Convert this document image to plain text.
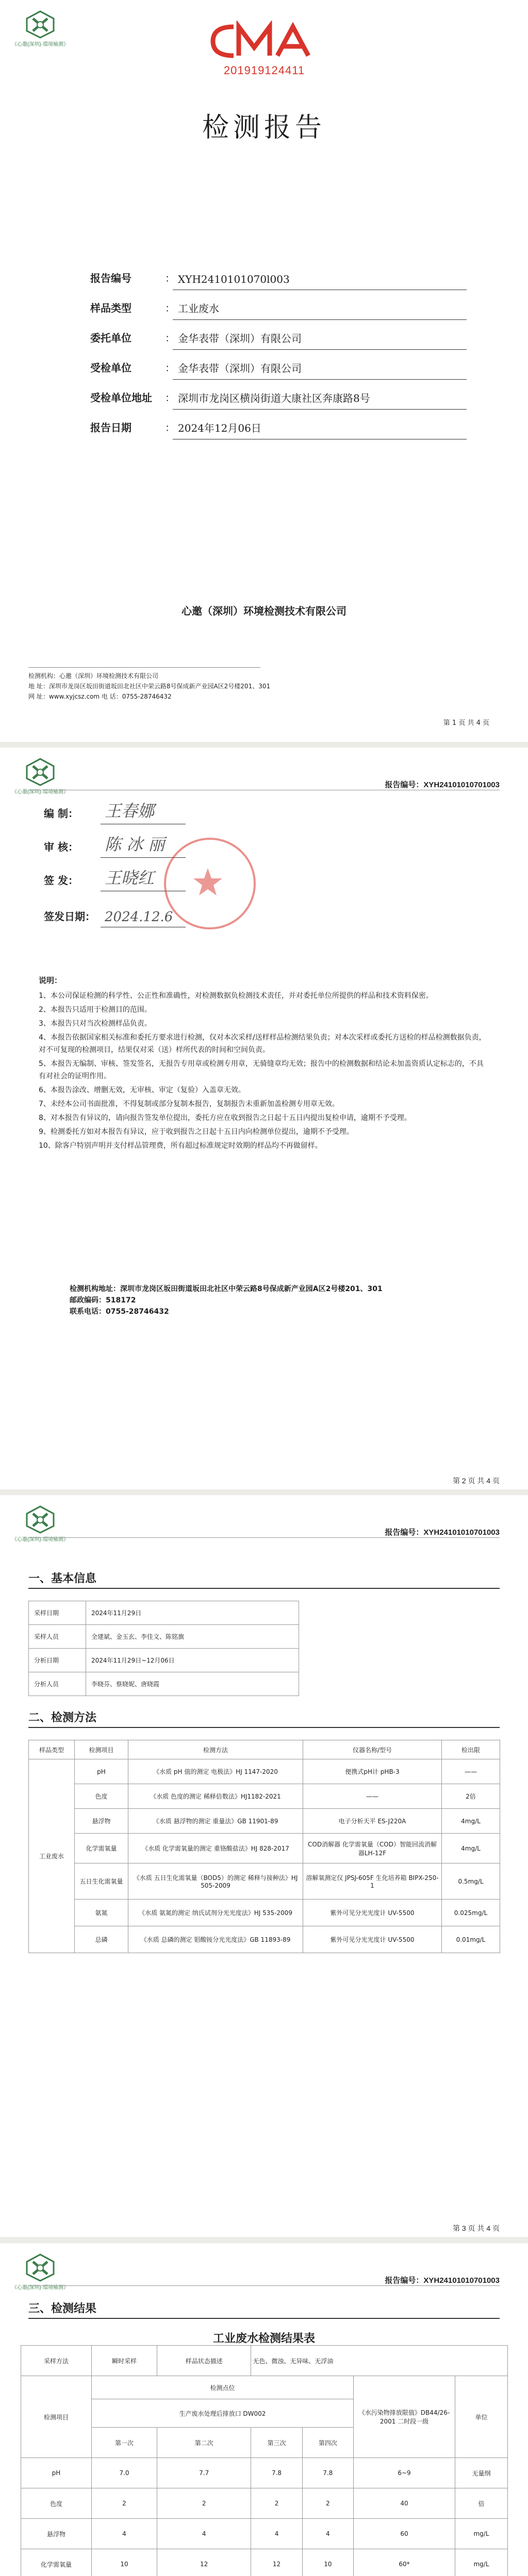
《心邀(深圳)·環境檢測》
201919124411
检测报告
报告编号	： XYH2410101070l003
样品类型	： 工业废水
委托单位	： 金华表带（深圳）有限公司
受检单位	： 金华表带（深圳）有限公司
受检单位地址	： 深圳市龙岗区横岗街道大康社区奔康路8号
报告日期	： 2024年12月06日
心邀（深圳）环境检测技术有限公司
检测机构：心邀（深圳）环境检测技术有限公司
地 址：深圳市龙岗区坂田街道坂田北社区中荣云路8号保成新产业园A区2号楼201、301
网 址：www.xyjcsz.com 电 话：0755-28746432
第 1 页 共 4 页
《心邀(深圳)·環境檢測》
报告编号：XYH24101010701003
编 制：	王春娜
审 核：	陈 冰 丽
签 发：	王晓红
签发日期： 2024.12.6
说明：

1、本公司保证检测的科学性、公正性和准确性，对检测数据负检测技术责任，并对委托单位所提供的样品和技术资料保密。

2、本报告只适用于检测目的范围。

3、本报告只对当次检测样品负责。

4、本报告依据国家相关标准和委托方要求进行检测，仅对本次采样/送样样品检测结果负责；对本次采样或委托方送检的样品检测数据负责，对不可复现的检测项目，结果仅对采（送）样所代表的时间和空间负责。

5、本报告无编制、审核、签发签名，无报告专用章或检测专用章，无骑缝章均无效；报告中的检测数据和结论未加盖资质认定标志的，不具有对社会的证明作用。

6、本报告涂改、增删无效，无审核、审定（复验）入盖章无效。

7、未经本公司书面批准，不得复制或部分复制本报告，复制报告未重新加盖检测专用章无效。

8、对本报告有异议的，请向报告签发单位提出，委托方应在收到报告之日起十五日内提出复检申请，逾期不予受理。

9、检测委托方如对本报告有异议，应于收到报告之日起十五日内向检测单位提出，逾期不予受理。

10、除客户特别声明并支付样品管理费，所有超过标准规定时效期的样品均不再做留样。

检测机构地址：深圳市龙岗区坂田街道坂田北社区中荣云路8号保成新产业园A区2号楼201、301
邮政编码：518172
联系电话：0755-28746432
第 2 页 共 4 页
《心邀(深圳)·環境檢測》
报告编号：XYH24101010701003
一、基本信息
采样日期	2024年11月29日
采样人员	全建斌、金玉玄、李佳文、陈铭旗
分析日期	2024年11月29日~12月06日
分析人员	李晓芬、蔡晓妮、唐晓霞
二、检测方法
样品类型	检测项目	检测方法	仪器名称/型号	检出限
工业废水	pH	《水质 pH 值的测定 电极法》HJ 1147-2020	便携式pH计 pHB-3	——
	色度	《水质 色度的测定 稀释倍数法》HJ1182-2021	——	2倍
	悬浮物	《水质 悬浮物的测定 重量法》GB 11901-89	电子分析天平 ES-J220A	4mg/L
	化学需氧量	《水质 化学需氧量的测定 重铬酸盐法》HJ 828-2017	COD消解器 化学需氧量（COD）智能回流消解器LH-12F	4mg/L
	五日生化需氧量	《水质 五日生化需氧量（BOD5）的测定 稀释与接种法》HJ 505-2009	溶解氧测定仪 JPSJ-605F 生化培养箱 BIPX-250-1	0.5mg/L
	氨氮	《水质 氨氮的测定 纳氏试剂分光光度法》HJ 535-2009	紫外可见分光光度计 UV-5500	0.025mg/L
	总磷	《水质 总磷的测定 钼酸铵分光光度法》GB 11893-89	紫外可见分光光度计 UV-5500	0.01mg/L
第 3 页 共 4 页
《心邀(深圳)·環境檢測》
报告编号：XYH24101010701003
三、检测结果
工业废水检测结果表
采样方法	瞬时采样	样品状态描述	无色、微浊、无异味、无浮油			
检测项目	检测点位				《水污染物排放限值》DB44/26-2001 二时段一级	单位
	生产废水处理后排放口 DW002					
	第一次	第二次	第三次	第四次		
pH	7.0	7.7	7.8	7.8	6~9	无量纲
色度	2	2	2	2	40	倍
悬浮物	4	4	4	4	60	mg/L
化学需氧量	10	12	12	10	60*	mg/L
